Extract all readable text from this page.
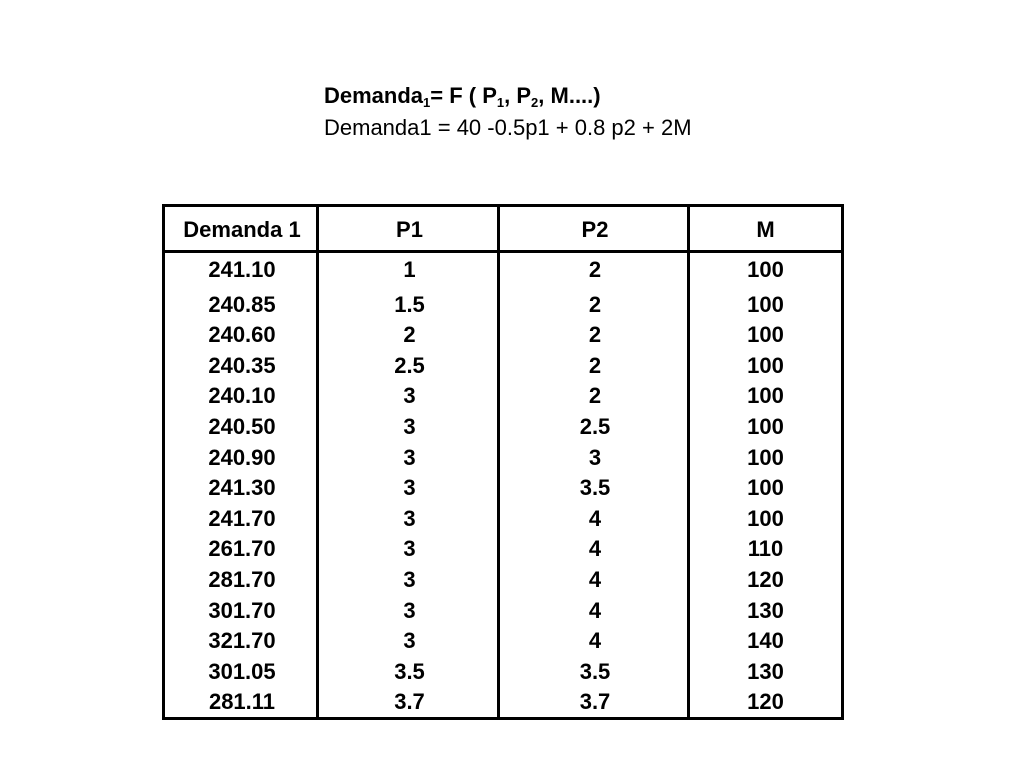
Demanda$_1$= F ( $P_1$, $P_2$, M....)
Demanda1 = 40 -0.5p1 + 0.8 p2 + 2M
Demanda 1	P1	P2	M
241.10	1	2	100
240.85	1.5	2	100
240.60	2	2	100
240.35	2.5	2	100
240.10	3	2	100
240.50	3	2.5	100
240.90	3	3	100
241.30	3	3.5	100
241.70	3	4	100
261.70	3	4	110
281.70	3	4	120
301.70	3	4	130
321.70	3	4	140
301.05	3.5	3.5	130
281.11	3.7	3.7	120
